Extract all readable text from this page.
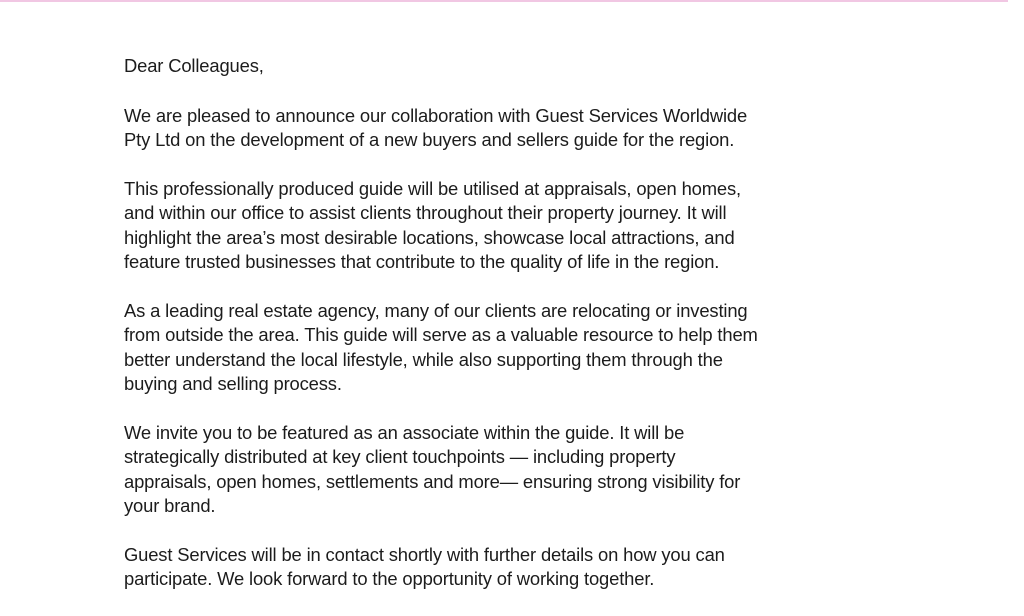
Dear Colleagues,
We are pleased to announce our collaboration with Guest Services Worldwide
Pty Ltd on the development of a new buyers and sellers guide for the region.
This professionally produced guide will be utilised at appraisals, open homes,
and within our office to assist clients throughout their property journey. It will
highlight the area’s most desirable locations, showcase local attractions, and
feature trusted businesses that contribute to the quality of life in the region.
As a leading real estate agency, many of our clients are relocating or investing
from outside the area. This guide will serve as a valuable resource to help them
better understand the local lifestyle, while also supporting them through the
buying and selling process.
We invite you to be featured as an associate within the guide. It will be
strategically distributed at key client touchpoints — including property
appraisals, open homes, settlements and more— ensuring strong visibility for
your brand.
Guest Services will be in contact shortly with further details on how you can
participate. We look forward to the opportunity of working together.
